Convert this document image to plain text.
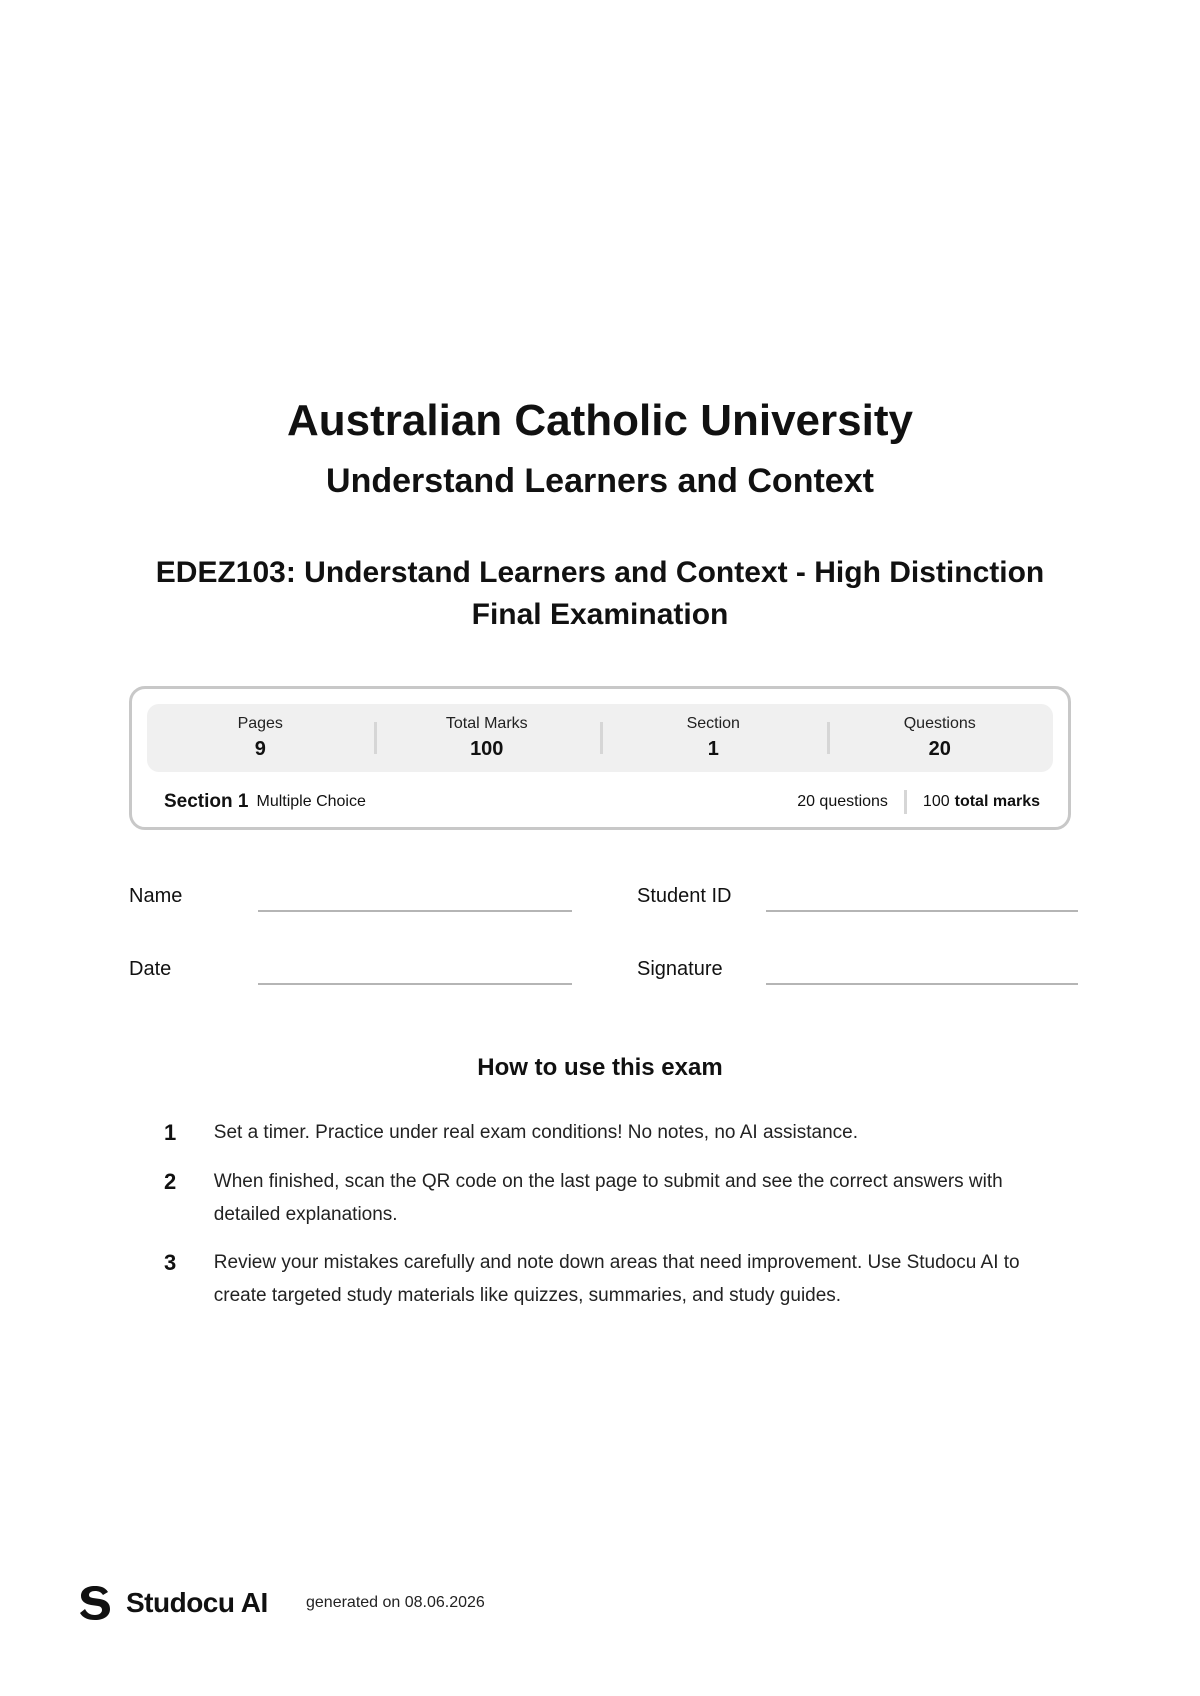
Australian Catholic University
Understand Learners and Context
EDEZ103: Understand Learners and Context - High Distinction
Final Examination
Pages
9
Total Marks
100
Section
1
Questions
20
Section 1 Multiple Choice	20 questions 100 total marks
Name	Student ID
Date	Signature
How to use this exam
1	Set a timer. Practice under real exam conditions! No notes, no AI assistance.
2	When finished, scan the QR code on the last page to submit and see the correct answers with detailed explanations.
3	Review your mistakes carefully and note down areas that need improvement. Use Studocu AI to create targeted study materials like quizzes, summaries, and study guides.
Studocu AI generated on 08.06.2026
